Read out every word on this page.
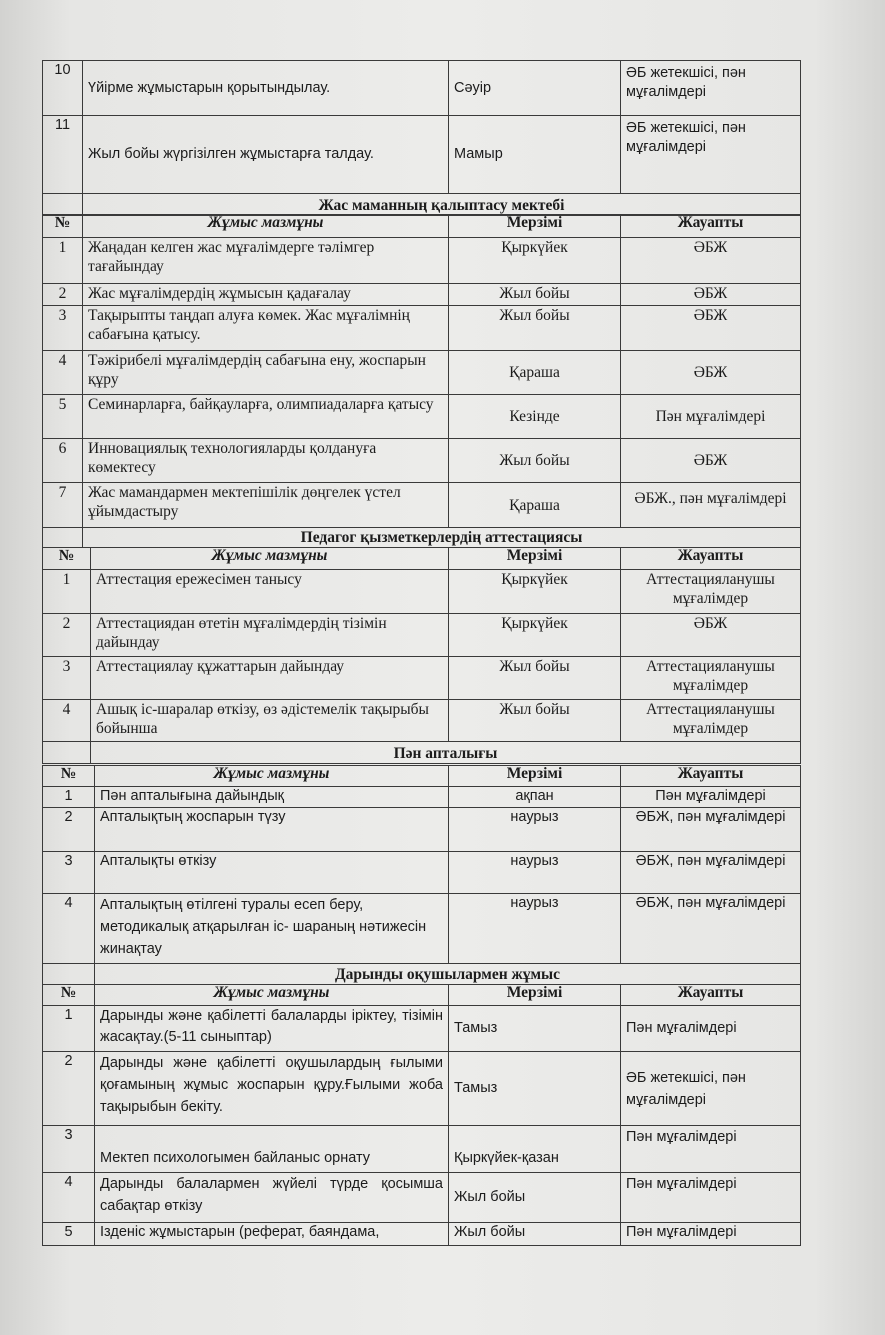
10	Үйірме жұмыстарын қорытындылау.	Сәуір	ӘБ жетекшісі, пән мұғалімдері
11	Жыл бойы жүргізілген жұмыстарға талдау.	Мамыр	ӘБ жетекшісі, пән мұғалімдері
	Жас маманның қалыптасу мектебі		
№	Жұмыс мазмұны	Мерзімі	Жауапты
1	Жаңадан келген жас мұғалімдерге тәлімгер тағайындау	Қыркүйек	ӘБЖ
2	Жас мұғалімдердің жұмысын қадағалау	Жыл бойы	ӘБЖ
3	Тақырыпты таңдап алуға көмек. Жас мұғалімнің сабағына қатысу.	Жыл бойы	ӘБЖ
4	Тәжірибелі мұғалімдердің сабағына ену, жоспарын құру	Қараша	ӘБЖ
5	Семинарларға, байқауларға, олимпиадаларға қатысу	Кезінде	Пән мұғалімдері
6	Инновациялық технологияларды қолдануға көмектесу	Жыл бойы	ӘБЖ
7	Жас мамандармен мектепішілік дөңгелек үстел ұйымдастыру	Қараша	ӘБЖ., пән мұғалімдері
	Педагог қызметкерлердің аттестациясы		
№	Жұмыс мазмұны	Мерзімі	Жауапты
1	Аттестация ережесімен танысу	Қыркүйек	Аттестацияланушы мұғалімдер
2	Аттестациядан өтетін мұғалімдердің тізімін дайындау	Қыркүйек	ӘБЖ
3	Аттестациялау құжаттарын дайындау	Жыл бойы	Аттестацияланушы мұғалімдер
4	Ашық іс-шаралар өткізу, өз әдістемелік тақырыбы бойынша	Жыл бойы	Аттестацияланушы мұғалімдер
	Пән апталығы		
№	Жұмыс мазмұны	Мерзімі	Жауапты
1	Пән апталығына дайындық	ақпан	Пән мұғалімдері
2	Апталықтың жоспарын түзу	наурыз	ӘБЖ, пән мұғалімдері
3	Апталықты өткізу	наурыз	ӘБЖ, пән мұғалімдері
4	Апталықтың өтілгені туралы есеп беру, методикалық атқарылған іс- шараның нәтижесін жинақтау	наурыз	ӘБЖ, пән мұғалімдері
	Дарынды оқушылармен жұмыс		
№	Жұмыс мазмұны	Мерзімі	Жауапты
1	Дарынды және қабілетті балаларды іріктеу, тізімін жасақтау.(5-11 сыныптар)	Тамыз	Пән мұғалімдері
2	Дарынды және қабілетті оқушылардың ғылыми қоғамының жұмыс жоспарын құру.Ғылыми жоба тақырыбын бекіту.	Тамыз	ӘБ жетекшісі, пән мұғалімдері
3	Мектеп психологымен байланыс орнату	Қыркүйек-қазан	Пән мұғалімдері
4	Дарынды балалармен жүйелі түрде қосымша сабақтар өткізу	Жыл бойы	Пән мұғалімдері
5	Ізденіс жұмыстарын (реферат, баяндама,	Жыл бойы	Пән мұғалімдері
